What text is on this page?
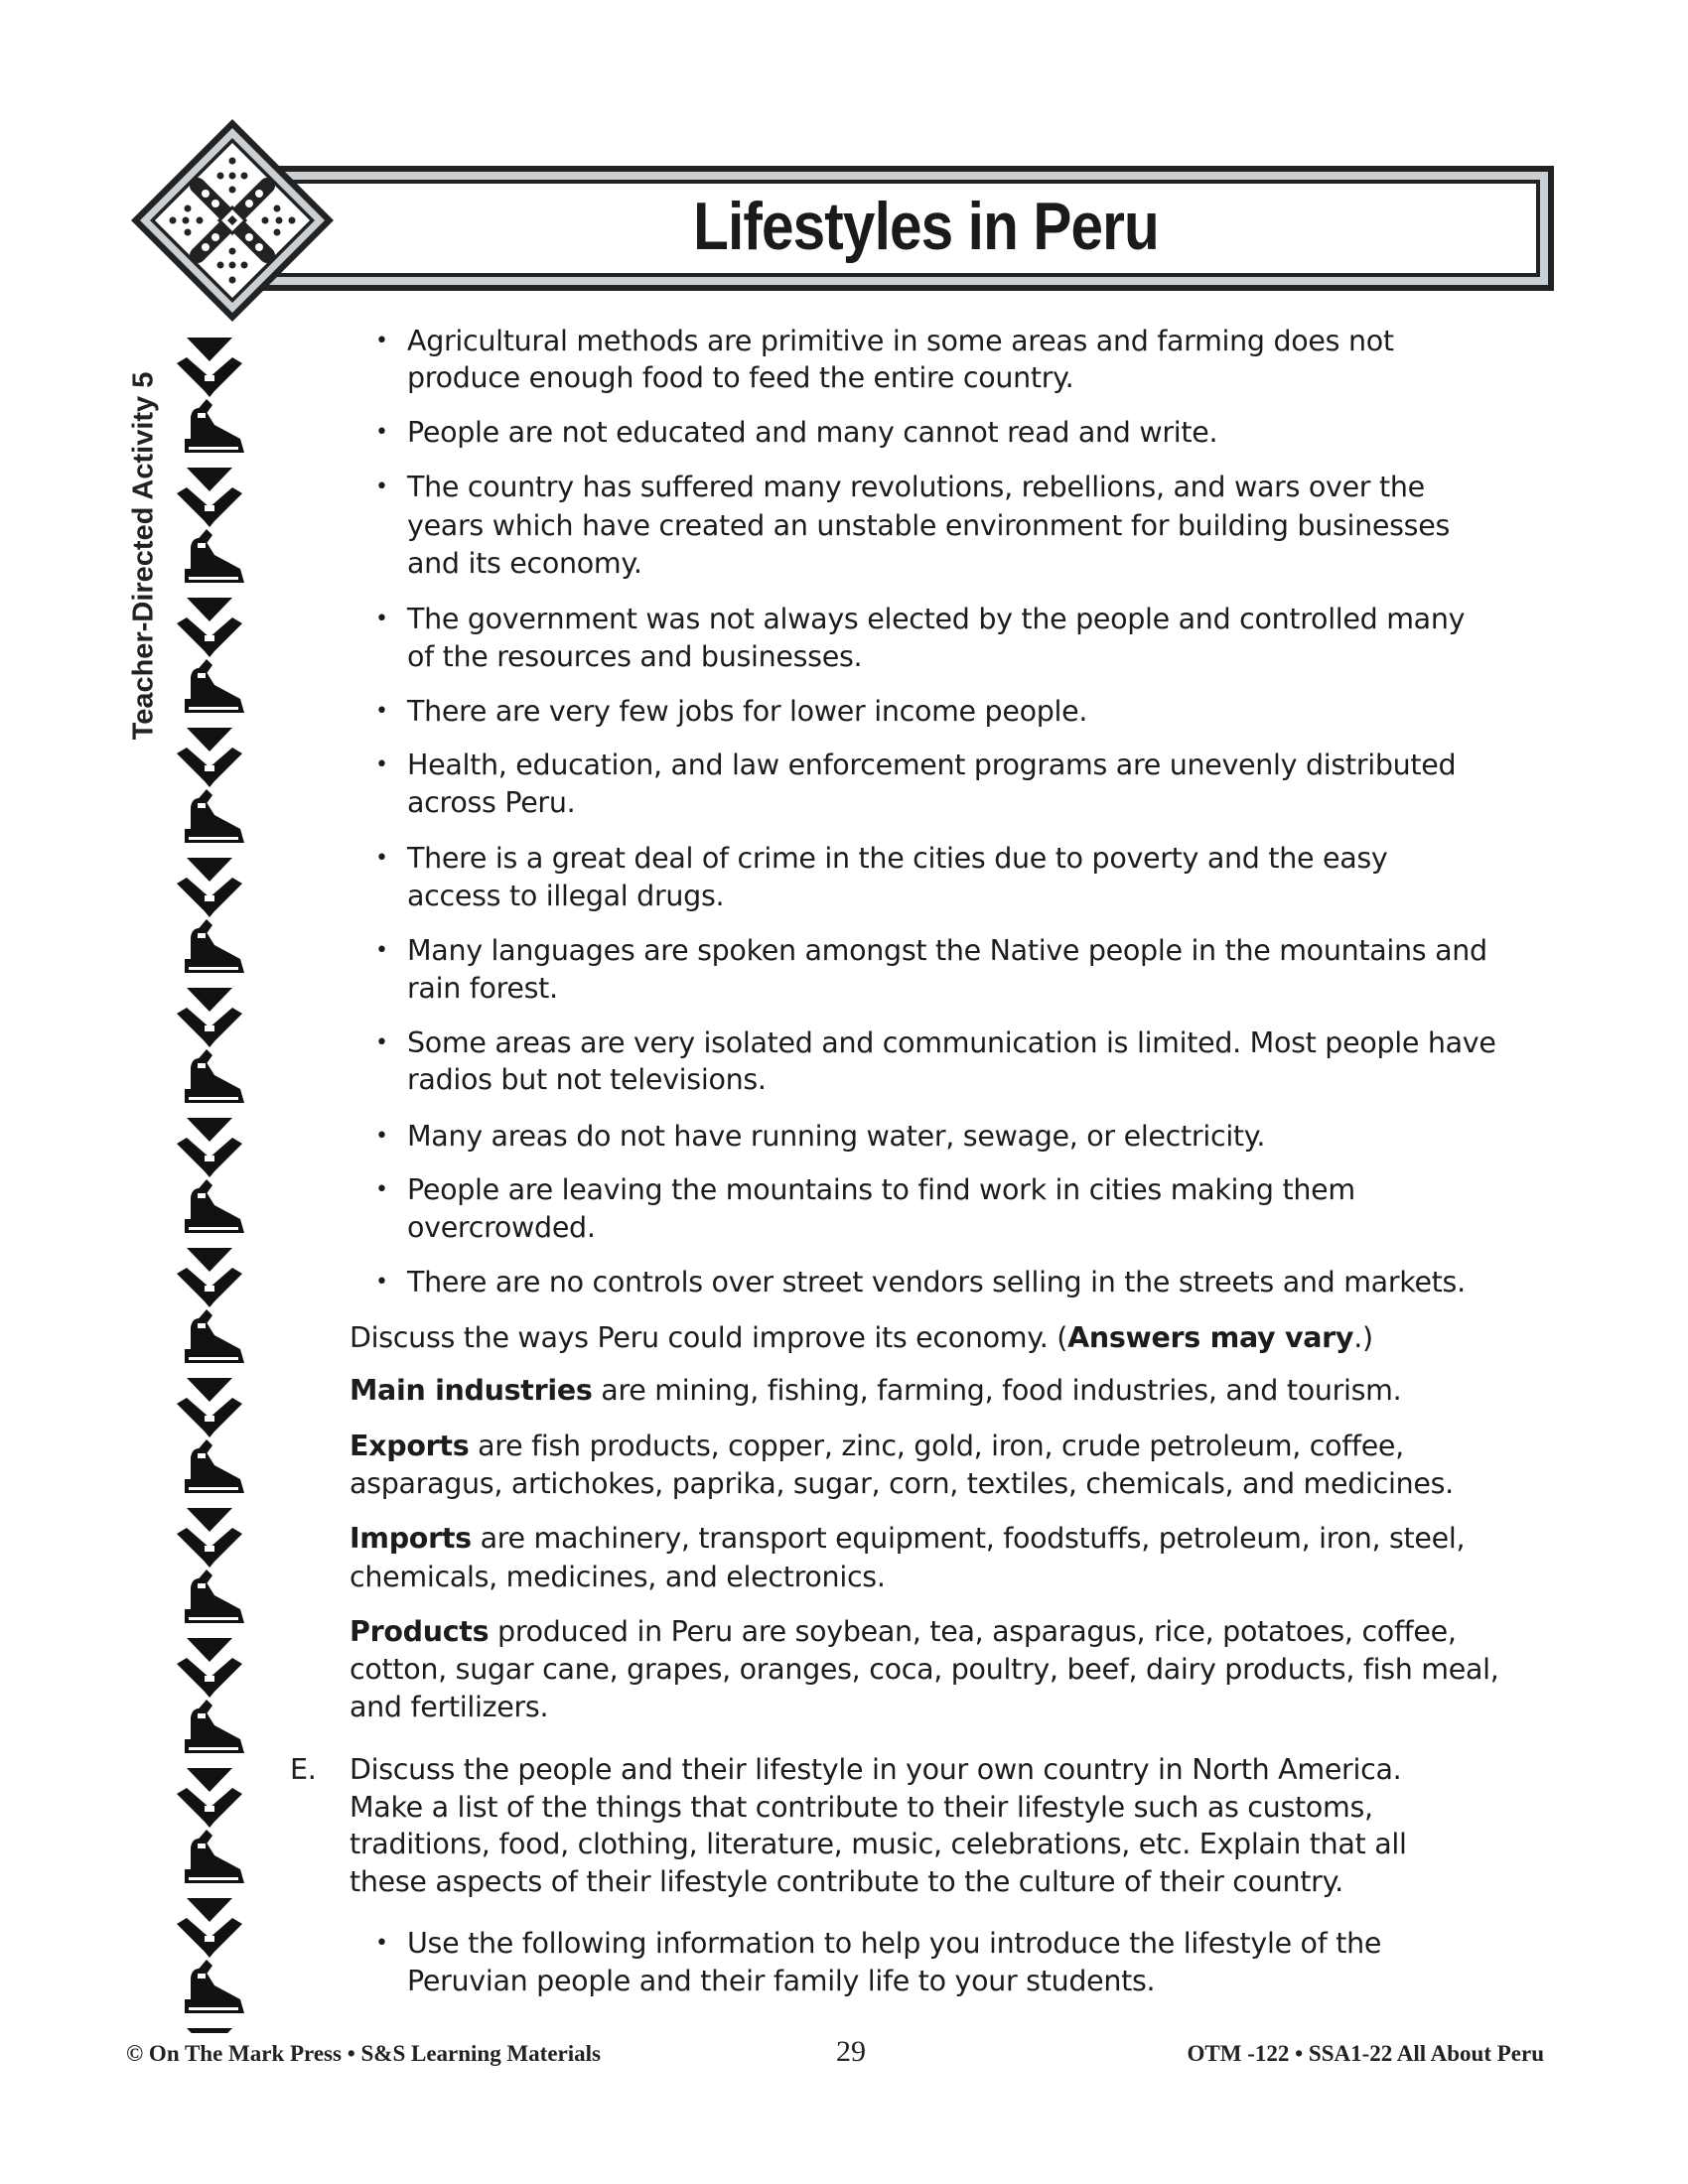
Lifestyles in Peru
Teacher-Directed Activity 5
• Agricultural methods are primitive in some areas and farming does not
produce enough food to feed the entire country.
• People are not educated and many cannot read and write.
• The country has suffered many revolutions, rebellions, and wars over the
years which have created an unstable environment for building businesses
and its economy.
• The government was not always elected by the people and controlled many
of the resources and businesses.
• There are very few jobs for lower income people.
• Health, education, and law enforcement programs are unevenly distributed
across Peru.
• There is a great deal of crime in the cities due to poverty and the easy
access to illegal drugs.
• Many languages are spoken amongst the Native people in the mountains and
rain forest.
• Some areas are very isolated and communication is limited. Most people have
radios but not televisions.
• Many areas do not have running water, sewage, or electricity.
• People are leaving the mountains to find work in cities making them
overcrowded.
• There are no controls over street vendors selling in the streets and markets.
Discuss the ways Peru could improve its economy. (Answers may vary.)
Main industries are mining, fishing, farming, food industries, and tourism.
Exports are fish products, copper, zinc, gold, iron, crude petroleum, coffee,
asparagus, artichokes, paprika, sugar, corn, textiles, chemicals, and medicines.
Imports are machinery, transport equipment, foodstuffs, petroleum, iron, steel,
chemicals, medicines, and electronics.
Products produced in Peru are soybean, tea, asparagus, rice, potatoes, coffee,
cotton, sugar cane, grapes, oranges, coca, poultry, beef, dairy products, fish meal,
and fertilizers.
E. Discuss the people and their lifestyle in your own country in North America.
Make a list of the things that contribute to their lifestyle such as customs,
traditions, food, clothing, literature, music, celebrations, etc. Explain that all
these aspects of their lifestyle contribute to the culture of their country.
• Use the following information to help you introduce the lifestyle of the
Peruvian people and their family life to your students.
© On The Mark Press • S&S Learning Materials	29	OTM -122 • SSA1-22 All About Peru
